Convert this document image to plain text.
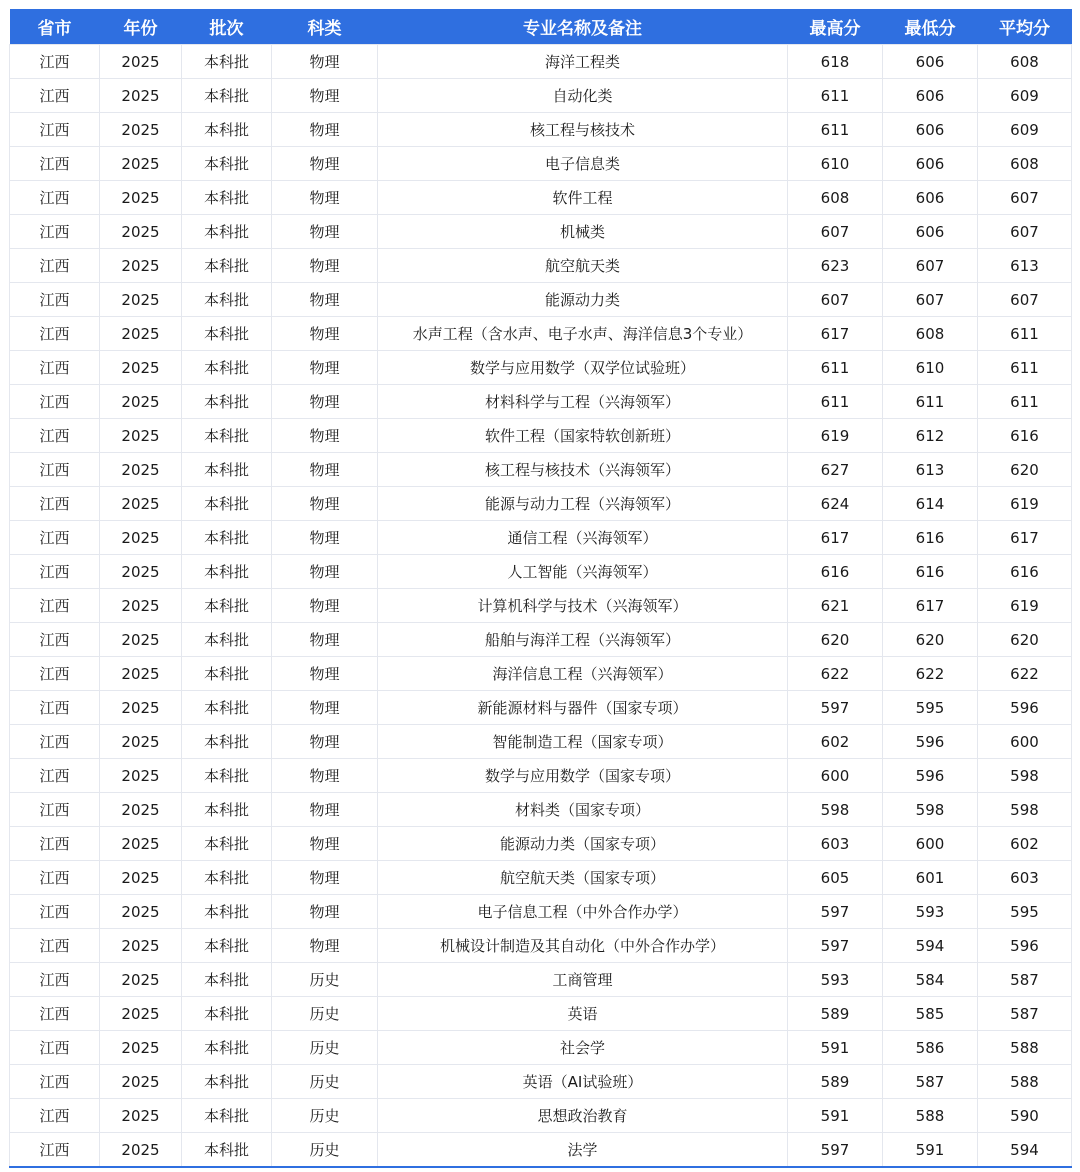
省市	年份	批次	科类	专业名称及备注	最高分	最低分	平均分
江西	2025	本科批	物理	海洋工程类	618	606	608
江西	2025	本科批	物理	自动化类	611	606	609
江西	2025	本科批	物理	核工程与核技术	611	606	609
江西	2025	本科批	物理	电子信息类	610	606	608
江西	2025	本科批	物理	软件工程	608	606	607
江西	2025	本科批	物理	机械类	607	606	607
江西	2025	本科批	物理	航空航天类	623	607	613
江西	2025	本科批	物理	能源动力类	607	607	607
江西	2025	本科批	物理	水声工程（含水声、电子水声、海洋信息3个专业）	617	608	611
江西	2025	本科批	物理	数学与应用数学（双学位试验班）	611	610	611
江西	2025	本科批	物理	材料科学与工程（兴海领军）	611	611	611
江西	2025	本科批	物理	软件工程（国家特软创新班）	619	612	616
江西	2025	本科批	物理	核工程与核技术（兴海领军）	627	613	620
江西	2025	本科批	物理	能源与动力工程（兴海领军）	624	614	619
江西	2025	本科批	物理	通信工程（兴海领军）	617	616	617
江西	2025	本科批	物理	人工智能（兴海领军）	616	616	616
江西	2025	本科批	物理	计算机科学与技术（兴海领军）	621	617	619
江西	2025	本科批	物理	船舶与海洋工程（兴海领军）	620	620	620
江西	2025	本科批	物理	海洋信息工程（兴海领军）	622	622	622
江西	2025	本科批	物理	新能源材料与器件（国家专项）	597	595	596
江西	2025	本科批	物理	智能制造工程（国家专项）	602	596	600
江西	2025	本科批	物理	数学与应用数学（国家专项）	600	596	598
江西	2025	本科批	物理	材料类（国家专项）	598	598	598
江西	2025	本科批	物理	能源动力类（国家专项）	603	600	602
江西	2025	本科批	物理	航空航天类（国家专项）	605	601	603
江西	2025	本科批	物理	电子信息工程（中外合作办学）	597	593	595
江西	2025	本科批	物理	机械设计制造及其自动化（中外合作办学）	597	594	596
江西	2025	本科批	历史	工商管理	593	584	587
江西	2025	本科批	历史	英语	589	585	587
江西	2025	本科批	历史	社会学	591	586	588
江西	2025	本科批	历史	英语（AI试验班）	589	587	588
江西	2025	本科批	历史	思想政治教育	591	588	590
江西	2025	本科批	历史	法学	597	591	594
